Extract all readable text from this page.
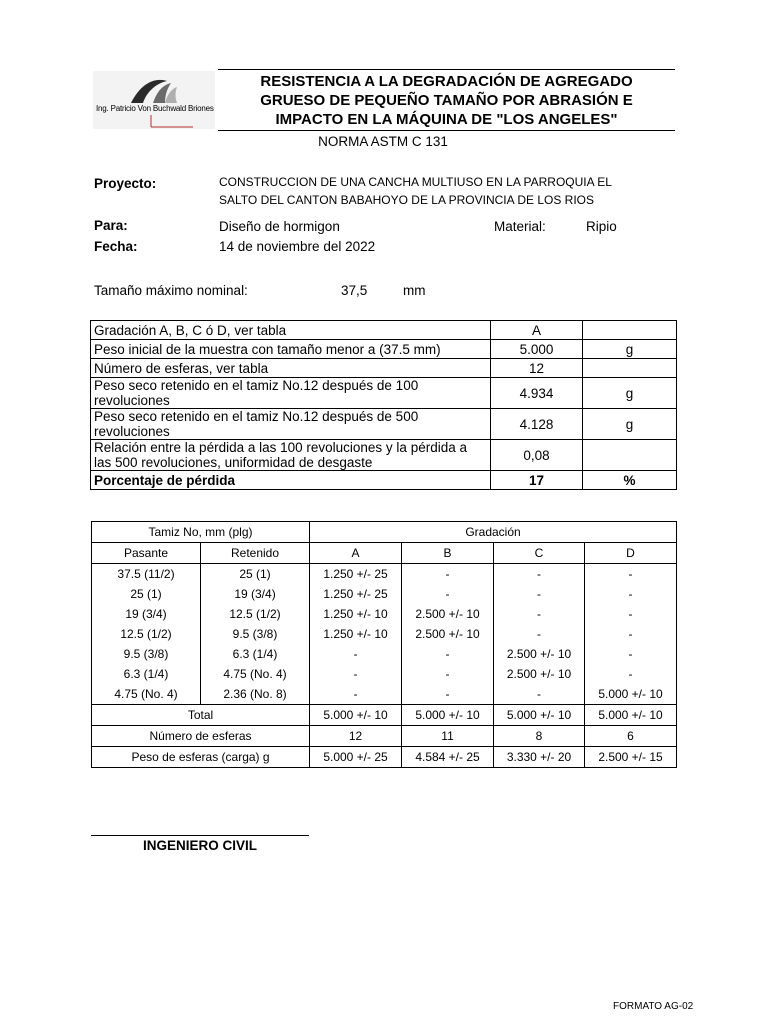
Ing. Patricio Von Buchwald Briones
RESISTENCIA A LA DEGRADACIÓN DE AGREGADO
GRUESO DE PEQUEÑO TAMAÑO POR ABRASIÓN E
IMPACTO EN LA MÁQUINA DE "LOS ANGELES"
NORMA ASTM C 131
Proyecto:	CONSTRUCCION DE UNA CANCHA MULTIUSO EN LA PARROQUIA EL
SALTO DEL CANTON BABAHOYO DE LA PROVINCIA DE LOS RIOS
Para:	Diseño de hormigon	Material:	Ripio
Fecha:	14 de noviembre del 2022
Tamaño máximo nominal:	37,5	mm
Gradación A, B, C ó D, ver tabla	A	
Peso inicial de la muestra con tamaño menor a (37.5 mm)	5.000	g
Número de esferas, ver tabla	12	
Peso seco retenido en el tamiz No.12 después de 100 revoluciones	4.934	g
Peso seco retenido en el tamiz No.12 después de 500 revoluciones	4.128	g
Relación entre la pérdida a las 100 revoluciones y la pérdida a las 500 revoluciones, uniformidad de desgaste	0,08	
Porcentaje de pérdida	17	%
Tamiz No, mm (plg)		Gradación			
Pasante	Retenido	A	B	C	D
37.5 (11/2)	25 (1)	1.250 +/- 25	-	-	-
25 (1)	19 (3/4)	1.250 +/- 25	-	-	-
19 (3/4)	12.5 (1/2)	1.250 +/- 10	2.500 +/- 10	-	-
12.5 (1/2)	9.5 (3/8)	1.250 +/- 10	2.500 +/- 10	-	-
9.5 (3/8)	6.3 (1/4)	-	-	2.500 +/- 10	-
6.3 (1/4)	4.75 (No. 4)	-	-	2.500 +/- 10	-
4.75 (No. 4)	2.36 (No. 8)	-	-	-	5.000 +/- 10
Total		5.000 +/- 10	5.000 +/- 10	5.000 +/- 10	5.000 +/- 10
Número de esferas		12	11	8	6
Peso de esferas (carga) g		5.000 +/- 25	4.584 +/- 25	3.330 +/- 20	2.500 +/- 15
INGENIERO CIVIL
FORMATO AG-02
